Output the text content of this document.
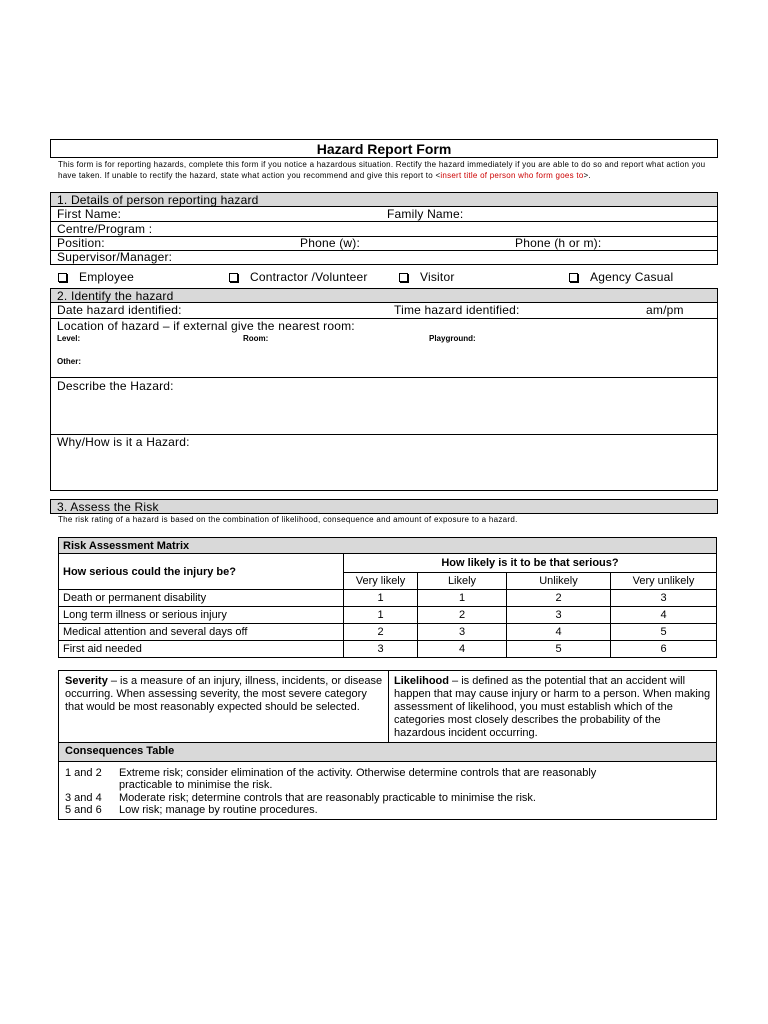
Hazard Report Form
This form is for reporting hazards, complete this form if you notice a hazardous situation. Rectify the hazard immediately if you are able to do so and report what action you have taken. If unable to rectify the hazard, state what action you recommend and give this report to <insert title of person who form goes to>.
1. Details of person reporting hazard
First Name:	Family Name:
Centre/Program :
Position:	Phone (w):	Phone (h or m):
Supervisor/Manager:
Employee	Contractor /Volunteer	Visitor	Agency Casual
2. Identify the hazard
Date hazard identified:	Time hazard identified:	am/pm
Location of hazard – if external give the nearest room:
Level:	Room:	Playground:
Other:
Describe the Hazard:
Why/How is it a Hazard:
3. Assess the Risk
The risk rating of a hazard is based on the combination of likelihood, consequence and amount of exposure to a hazard.
Risk Assessment Matrix				
How serious could the injury be?	How likely is it to be that serious?			
	Very likely	Likely	Unlikely	Very unlikely
Death or permanent disability	1	1	2	3
Long term illness or serious injury	1	2	3	4
Medical attention and several days off	2	3	4	5
First aid needed	3	4	5	6
Severity – is a measure of an injury, illness, incidents, or disease occurring. When assessing severity, the most severe category that would be most reasonably expected should be selected.
Likelihood – is defined as the potential that an accident will happen that may cause injury or harm to a person. When making assessment of likelihood, you must establish which of the categories most closely describes the probability of the hazardous incident occurring.
Consequences Table
1 and 2 Extreme risk; consider elimination of the activity. Otherwise determine controls that are reasonably practicable to minimise the risk.
3 and 4 Moderate risk; determine controls that are reasonably practicable to minimise the risk.
5 and 6 Low risk; manage by routine procedures.
